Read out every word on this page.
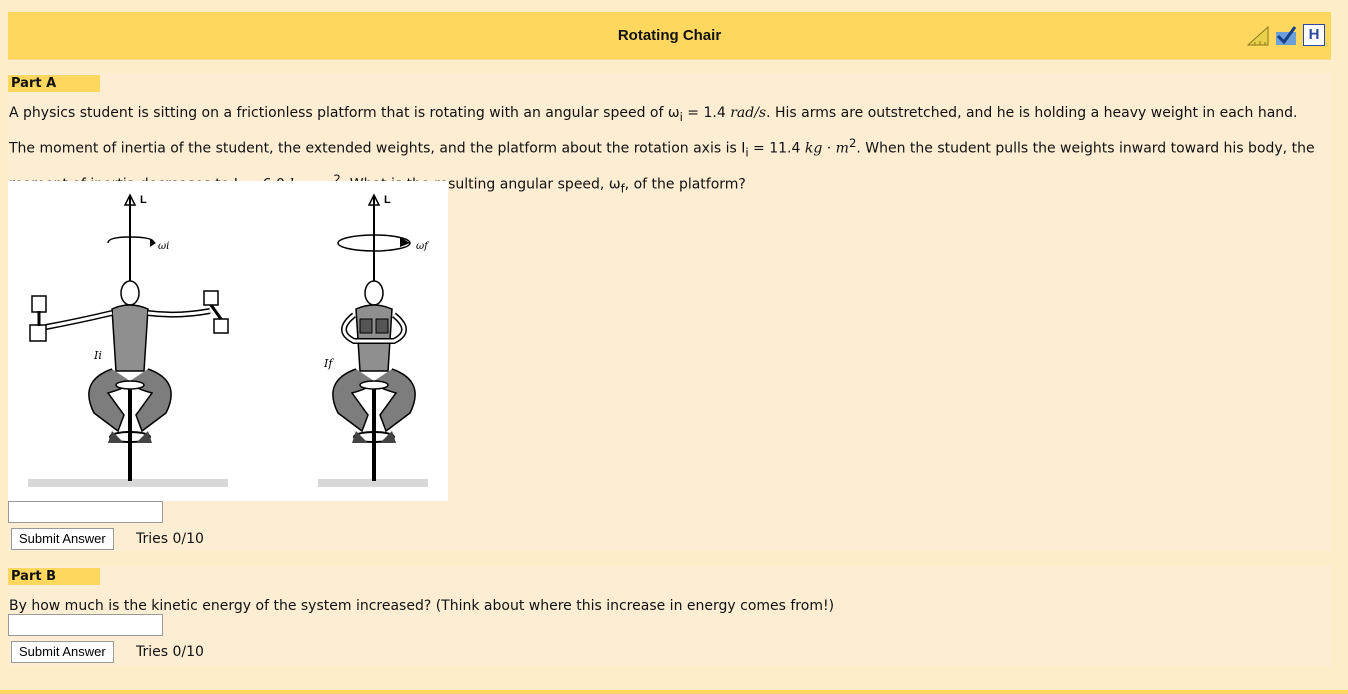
Rotating Chair	H
Part A
A physics student is sitting on a frictionless platform that is rotating with an angular speed of $\omega_i = 1.4$ rad/s. His arms are outstretched, and he is holding a heavy weight in each hand. The moment of inertia of the student, the extended weights, and the platform about the rotation axis is $I_i = 11.4$ kg · $m^2$. When the student pulls the weights inward toward his body, the moment of inertia decreases to $I_f = 6.0$ kg · $m^2$. What is the resulting angular speed, $\omega_f$, of the platform?
L
ωi
Ii
L
ωf
If
Submit Answer	Tries 0/10
Part B
By how much is the kinetic energy of the system increased? (Think about where this increase in energy comes from!)
Submit Answer	Tries 0/10
